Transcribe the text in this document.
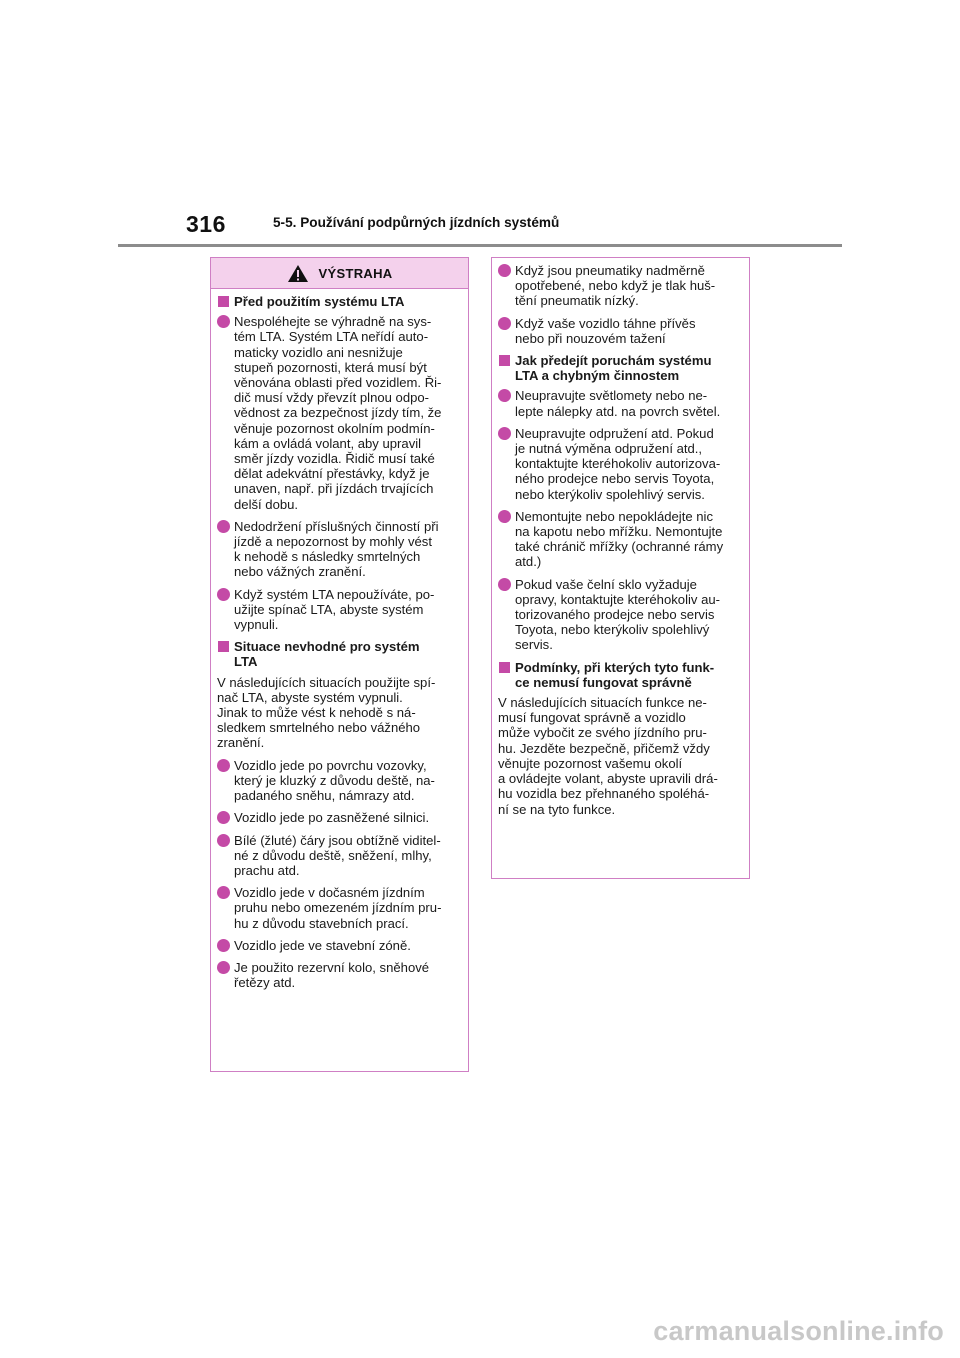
316	5-5. Používání podpůrných jízdních systémů
VÝSTRAHA
Před použitím systému LTA
Nespoléhejte se výhradně na sys-
tém LTA. Systém LTA neřídí auto-
maticky vozidlo ani nesnižuje
stupeň pozornosti, která musí být
věnována oblasti před vozidlem. Ři-
dič musí vždy převzít plnou odpo-
vědnost za bezpečnost jízdy tím, že
věnuje pozornost okolním podmín-
kám a ovládá volant, aby upravil
směr jízdy vozidla. Řidič musí také
dělat adekvátní přestávky, když je
unaven, např. při jízdách trvajících
delší dobu.
Nedodržení příslušných činností při
jízdě a nepozornost by mohly vést
k nehodě s následky smrtelných
nebo vážných zranění.
Když systém LTA nepoužíváte, po-
užijte spínač LTA, abyste systém
vypnuli.
Situace nevhodné pro systém
LTA
V následujících situacích použijte spí-
nač LTA, abyste systém vypnuli.
Jinak to může vést k nehodě s ná-
sledkem smrtelného nebo vážného
zranění.
Vozidlo jede po povrchu vozovky,
který je kluzký z důvodu deště, na-
padaného sněhu, námrazy atd.
Vozidlo jede po zasněžené silnici.
Bílé (žluté) čáry jsou obtížně viditel-
né z důvodu deště, sněžení, mlhy,
prachu atd.
Vozidlo jede v dočasném jízdním
pruhu nebo omezeném jízdním pru-
hu z důvodu stavebních prací.
Vozidlo jede ve stavební zóně.
Je použito rezervní kolo, sněhové
řetězy atd.
Když jsou pneumatiky nadměrně
opotřebené, nebo když je tlak huš-
tění pneumatik nízký.
Když vaše vozidlo táhne přívěs
nebo při nouzovém tažení
Jak předejít poruchám systému
LTA a chybným činnostem
Neupravujte světlomety nebo ne-
lepte nálepky atd. na povrch světel.
Neupravujte odpružení atd. Pokud
je nutná výměna odpružení atd.,
kontaktujte kteréhokoliv autorizova-
ného prodejce nebo servis Toyota,
nebo kterýkoliv spolehlivý servis.
Nemontujte nebo nepokládejte nic
na kapotu nebo mřížku. Nemontujte
také chránič mřížky (ochranné rámy
atd.)
Pokud vaše čelní sklo vyžaduje
opravy, kontaktujte kteréhokoliv au-
torizovaného prodejce nebo servis
Toyota, nebo kterýkoliv spolehlivý
servis.
Podmínky, při kterých tyto funk-
ce nemusí fungovat správně
V následujících situacích funkce ne-
musí fungovat správně a vozidlo
může vybočit ze svého jízdního pru-
hu. Jezděte bezpečně, přičemž vždy
věnujte pozornost vašemu okolí
a ovládejte volant, abyste upravili drá-
hu vozidla bez přehnaného spoléhá-
ní se na tyto funkce.
carmanualsonline.info
